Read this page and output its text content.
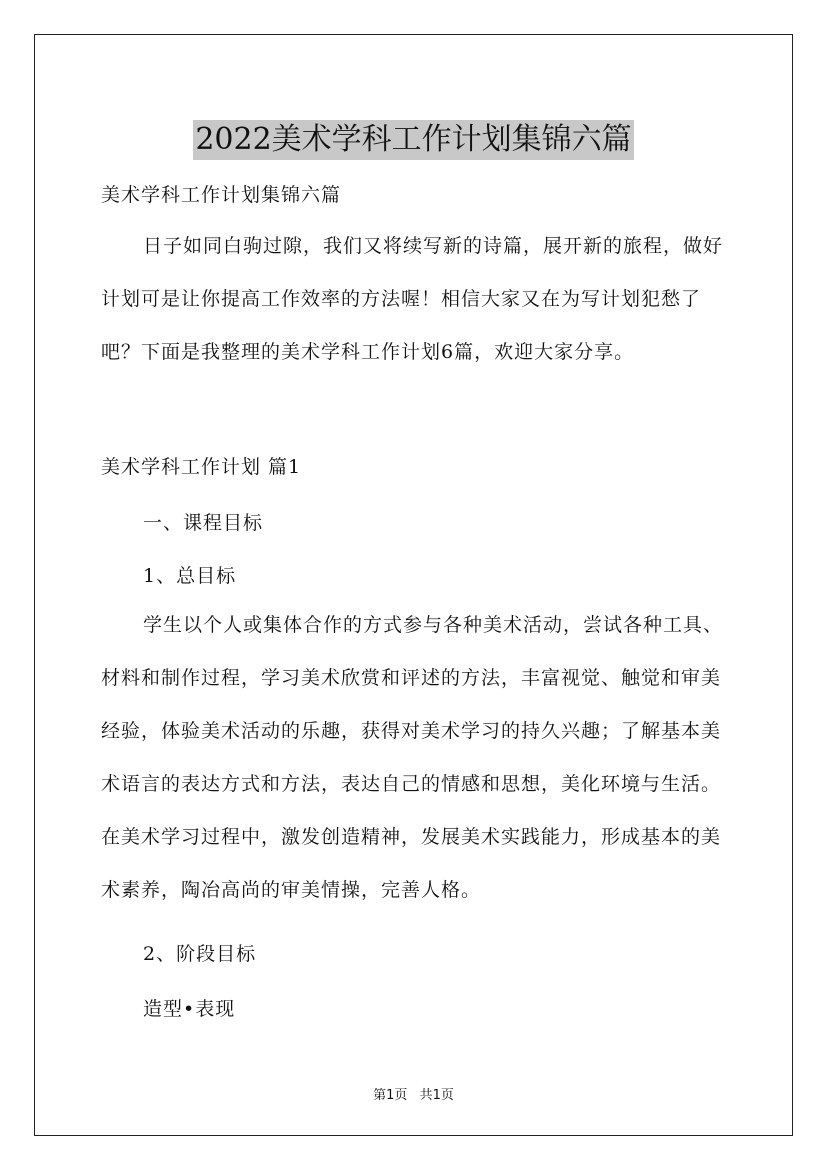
2022美术学科工作计划集锦六篇

美术学科工作计划集锦六篇

日子如同白驹过隙，我们又将续写新的诗篇，展开新的旅程，做好计划可是让你提高工作效率的方法喔！相信大家又在为写计划犯愁了吧？下面是我整理的美术学科工作计划6篇，欢迎大家分享。

美术学科工作计划 篇1

一、课程目标

1、总目标

学生以个人或集体合作的方式参与各种美术活动，尝试各种工具、材料和制作过程，学习美术欣赏和评述的方法，丰富视觉、触觉和审美经验，体验美术活动的乐趣，获得对美术学习的持久兴趣；了解基本美术语言的表达方式和方法，表达自己的情感和思想，美化环境与生活。在美术学习过程中，激发创造精神，发展美术实践能力，形成基本的美术素养，陶冶高尚的审美情操，完善人格。

2、阶段目标

造型•表现

第1页 共1页
